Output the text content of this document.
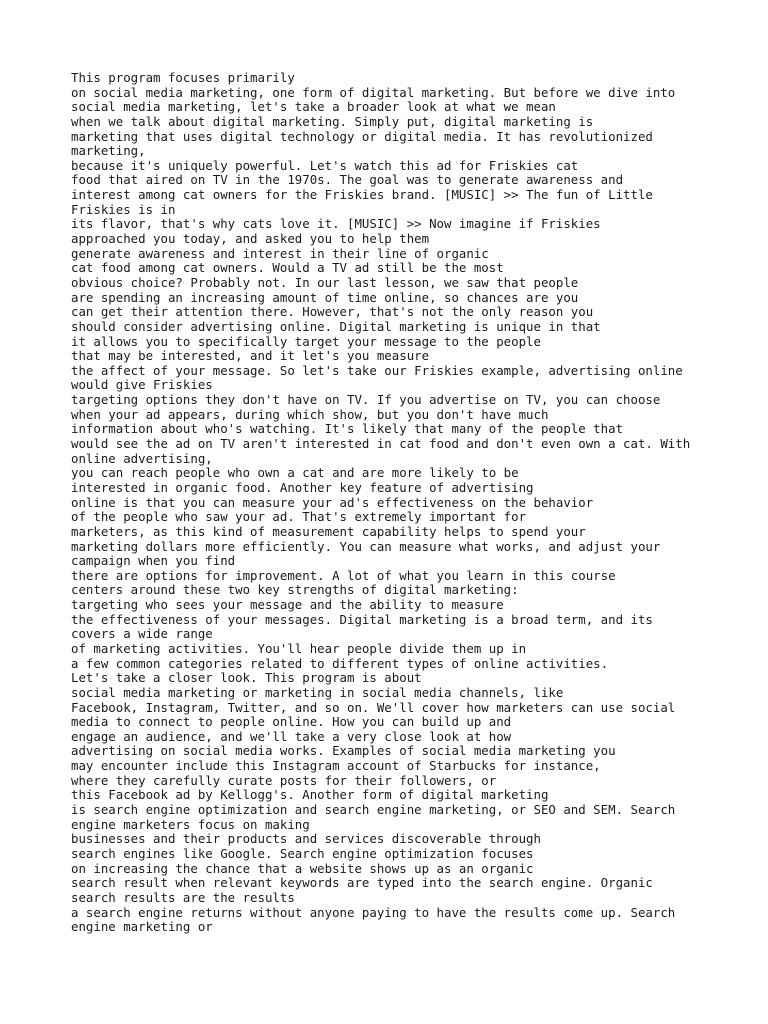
This program focuses primarily
on social media marketing, one form of digital marketing. But before we dive into
social media marketing, let's take a broader look at what we mean
when we talk about digital marketing. Simply put, digital marketing is
marketing that uses digital technology or digital media. It has revolutionized
marketing,
because it's uniquely powerful. Let's watch this ad for Friskies cat
food that aired on TV in the 1970s. The goal was to generate awareness and
interest among cat owners for the Friskies brand. [MUSIC] >> The fun of Little
Friskies is in
its flavor, that's why cats love it. [MUSIC] >> Now imagine if Friskies
approached you today, and asked you to help them
generate awareness and interest in their line of organic
cat food among cat owners. Would a TV ad still be the most
obvious choice? Probably not. In our last lesson, we saw that people
are spending an increasing amount of time online, so chances are you
can get their attention there. However, that's not the only reason you
should consider advertising online. Digital marketing is unique in that
it allows you to specifically target your message to the people
that may be interested, and it let's you measure
the affect of your message. So let's take our Friskies example, advertising online
would give Friskies
targeting options they don't have on TV. If you advertise on TV, you can choose
when your ad appears, during which show, but you don't have much
information about who's watching. It's likely that many of the people that
would see the ad on TV aren't interested in cat food and don't even own a cat. With
online advertising,
you can reach people who own a cat and are more likely to be
interested in organic food. Another key feature of advertising
online is that you can measure your ad's effectiveness on the behavior
of the people who saw your ad. That's extremely important for
marketers, as this kind of measurement capability helps to spend your
marketing dollars more efficiently. You can measure what works, and adjust your
campaign when you find
there are options for improvement. A lot of what you learn in this course
centers around these two key strengths of digital marketing:
targeting who sees your message and the ability to measure
the effectiveness of your messages. Digital marketing is a broad term, and its
covers a wide range
of marketing activities. You'll hear people divide them up in
a few common categories related to different types of online activities.
Let's take a closer look. This program is about
social media marketing or marketing in social media channels, like
Facebook, Instagram, Twitter, and so on. We'll cover how marketers can use social
media to connect to people online. How you can build up and
engage an audience, and we'll take a very close look at how
advertising on social media works. Examples of social media marketing you
may encounter include this Instagram account of Starbucks for instance,
where they carefully curate posts for their followers, or
this Facebook ad by Kellogg's. Another form of digital marketing
is search engine optimization and search engine marketing, or SEO and SEM. Search
engine marketers focus on making
businesses and their products and services discoverable through
search engines like Google. Search engine optimization focuses
on increasing the chance that a website shows up as an organic
search result when relevant keywords are typed into the search engine. Organic
search results are the results
a search engine returns without anyone paying to have the results come up. Search
engine marketing or
